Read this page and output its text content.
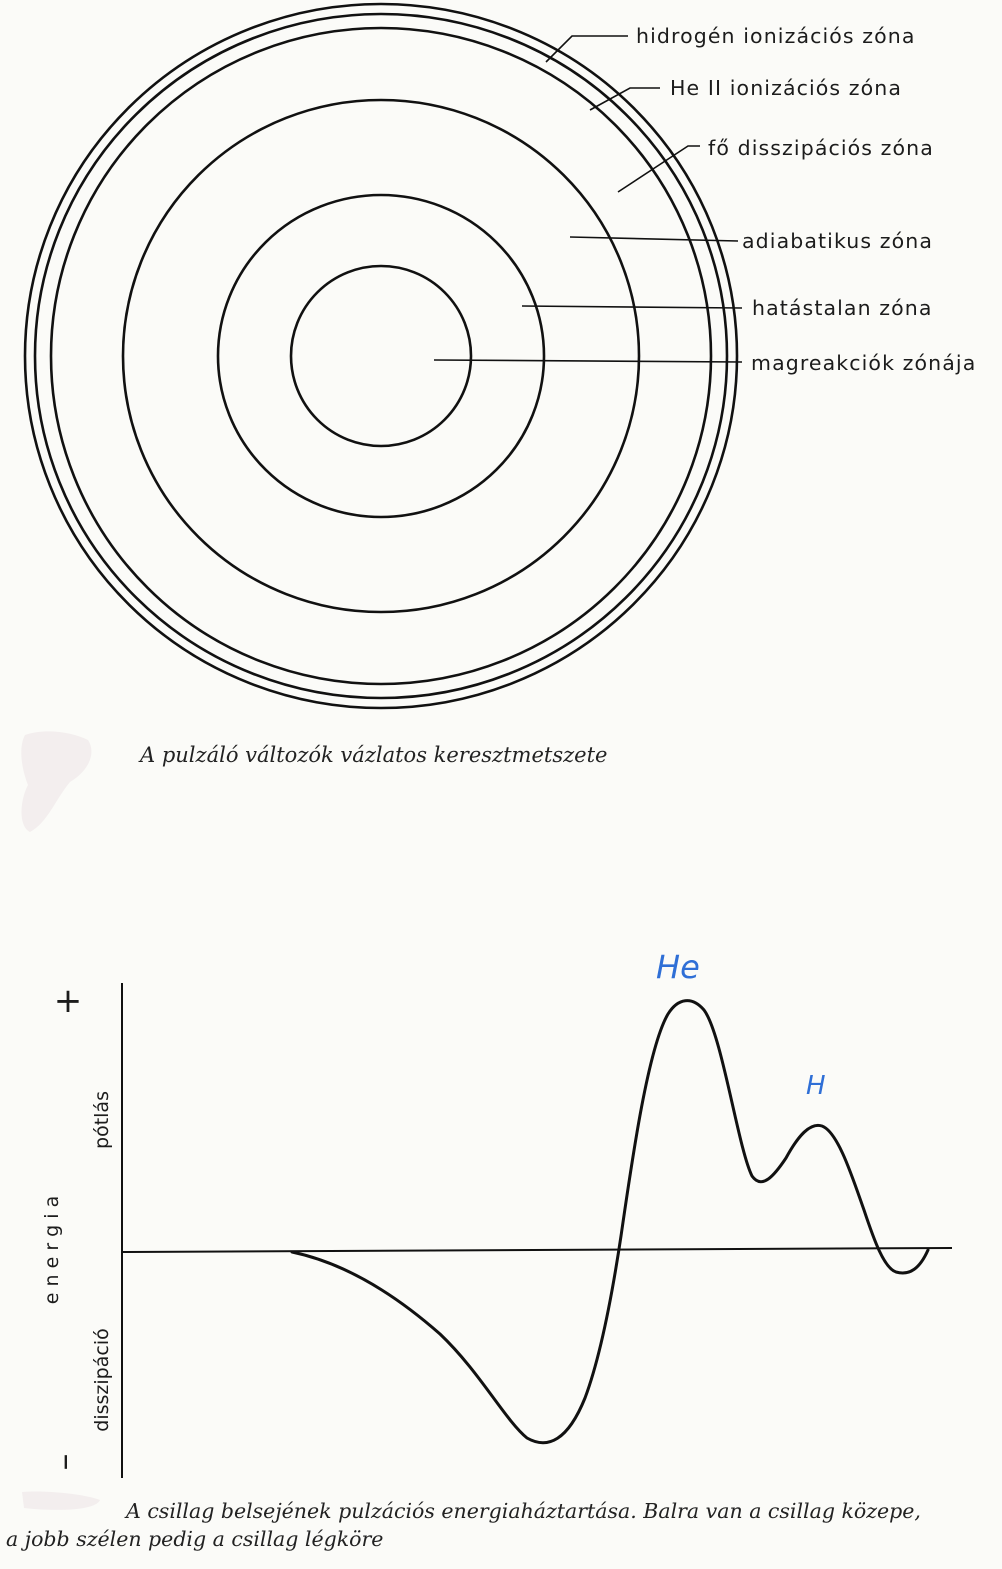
hidrogén ionizációs zóna
He II ionizációs zóna
fő disszipációs zóna
adiabatikus zóna
hatástalan zóna
magreakciók zónája
A pulzáló változók vázlatos keresztmetszete
+
–
e n e r g i a
pótlás
disszipáció
He
H
A csillag belsejének pulzációs energiaháztartása. Balra van a csillag közepe,
a jobb szélen pedig a csillag légköre
